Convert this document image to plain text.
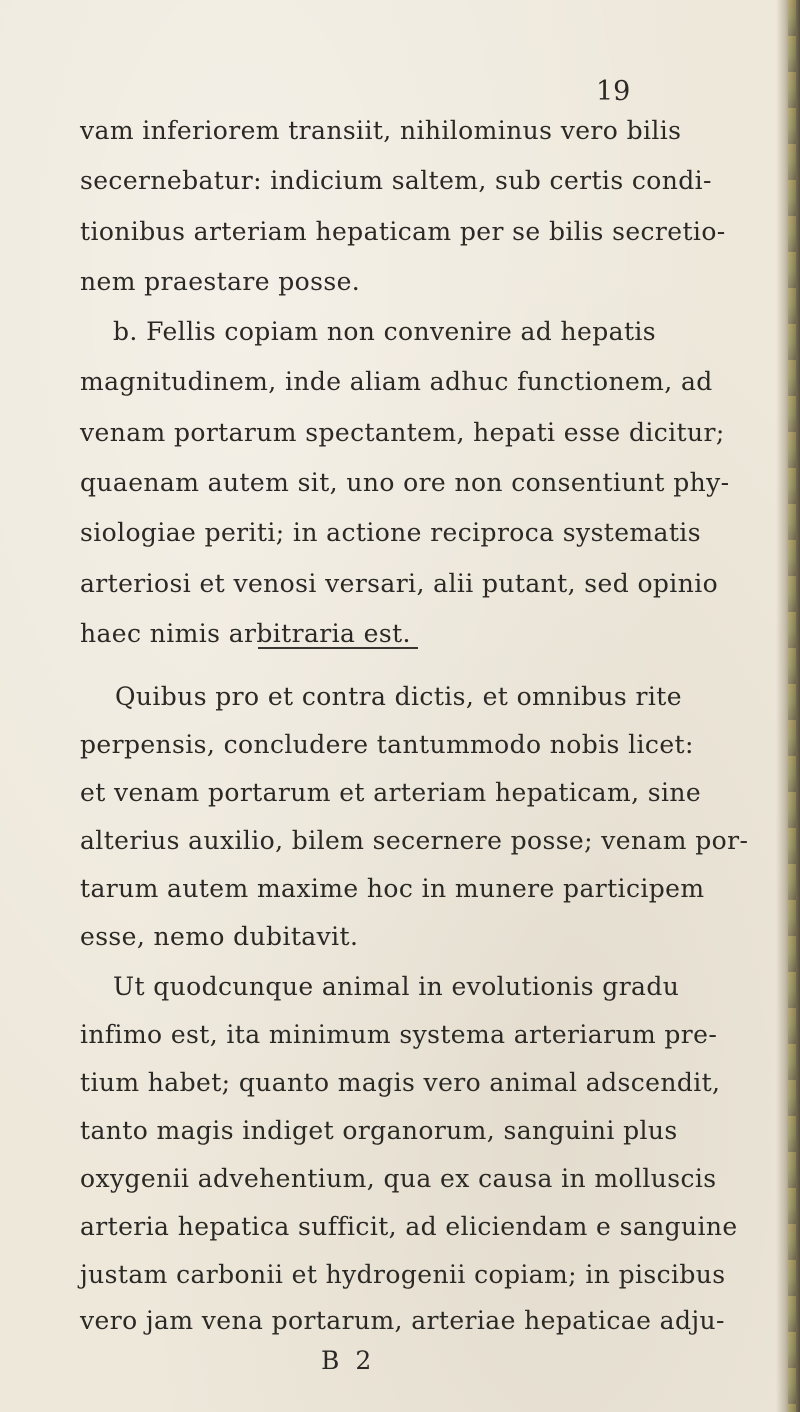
19
vam inferiorem transiit, nihilominus vero bilis
secernebatur: indicium saltem, sub certis condi-
tionibus arteriam hepaticam per se bilis secretio-
nem praestare posse.
b. Fellis copiam non convenire ad hepatis
magnitudinem, inde aliam adhuc functionem, ad
venam portarum spectantem, hepati esse dicitur;
quaenam autem sit, uno ore non consentiunt phy-
siologiae periti; in actione reciproca systematis
arteriosi et venosi versari, alii putant, sed opinio
haec nimis arbitraria est.
Quibus pro et contra dictis, et omnibus rite
perpensis, concludere tantummodo nobis licet:
et venam portarum et arteriam hepaticam, sine
alterius auxilio, bilem secernere posse; venam por-
tarum autem maxime hoc in munere participem
esse, nemo dubitavit.
Ut quodcunque animal in evolutionis gradu
infimo est, ita minimum systema arteriarum pre-
tium habet; quanto magis vero animal adscendit,
tanto magis indiget organorum, sanguini plus
oxygenii advehentium, qua ex causa in molluscis
arteria hepatica sufficit, ad eliciendam e sanguine
justam carbonii et hydrogenii copiam; in piscibus
vero jam vena portarum, arteriae hepaticae adju-
B 2
